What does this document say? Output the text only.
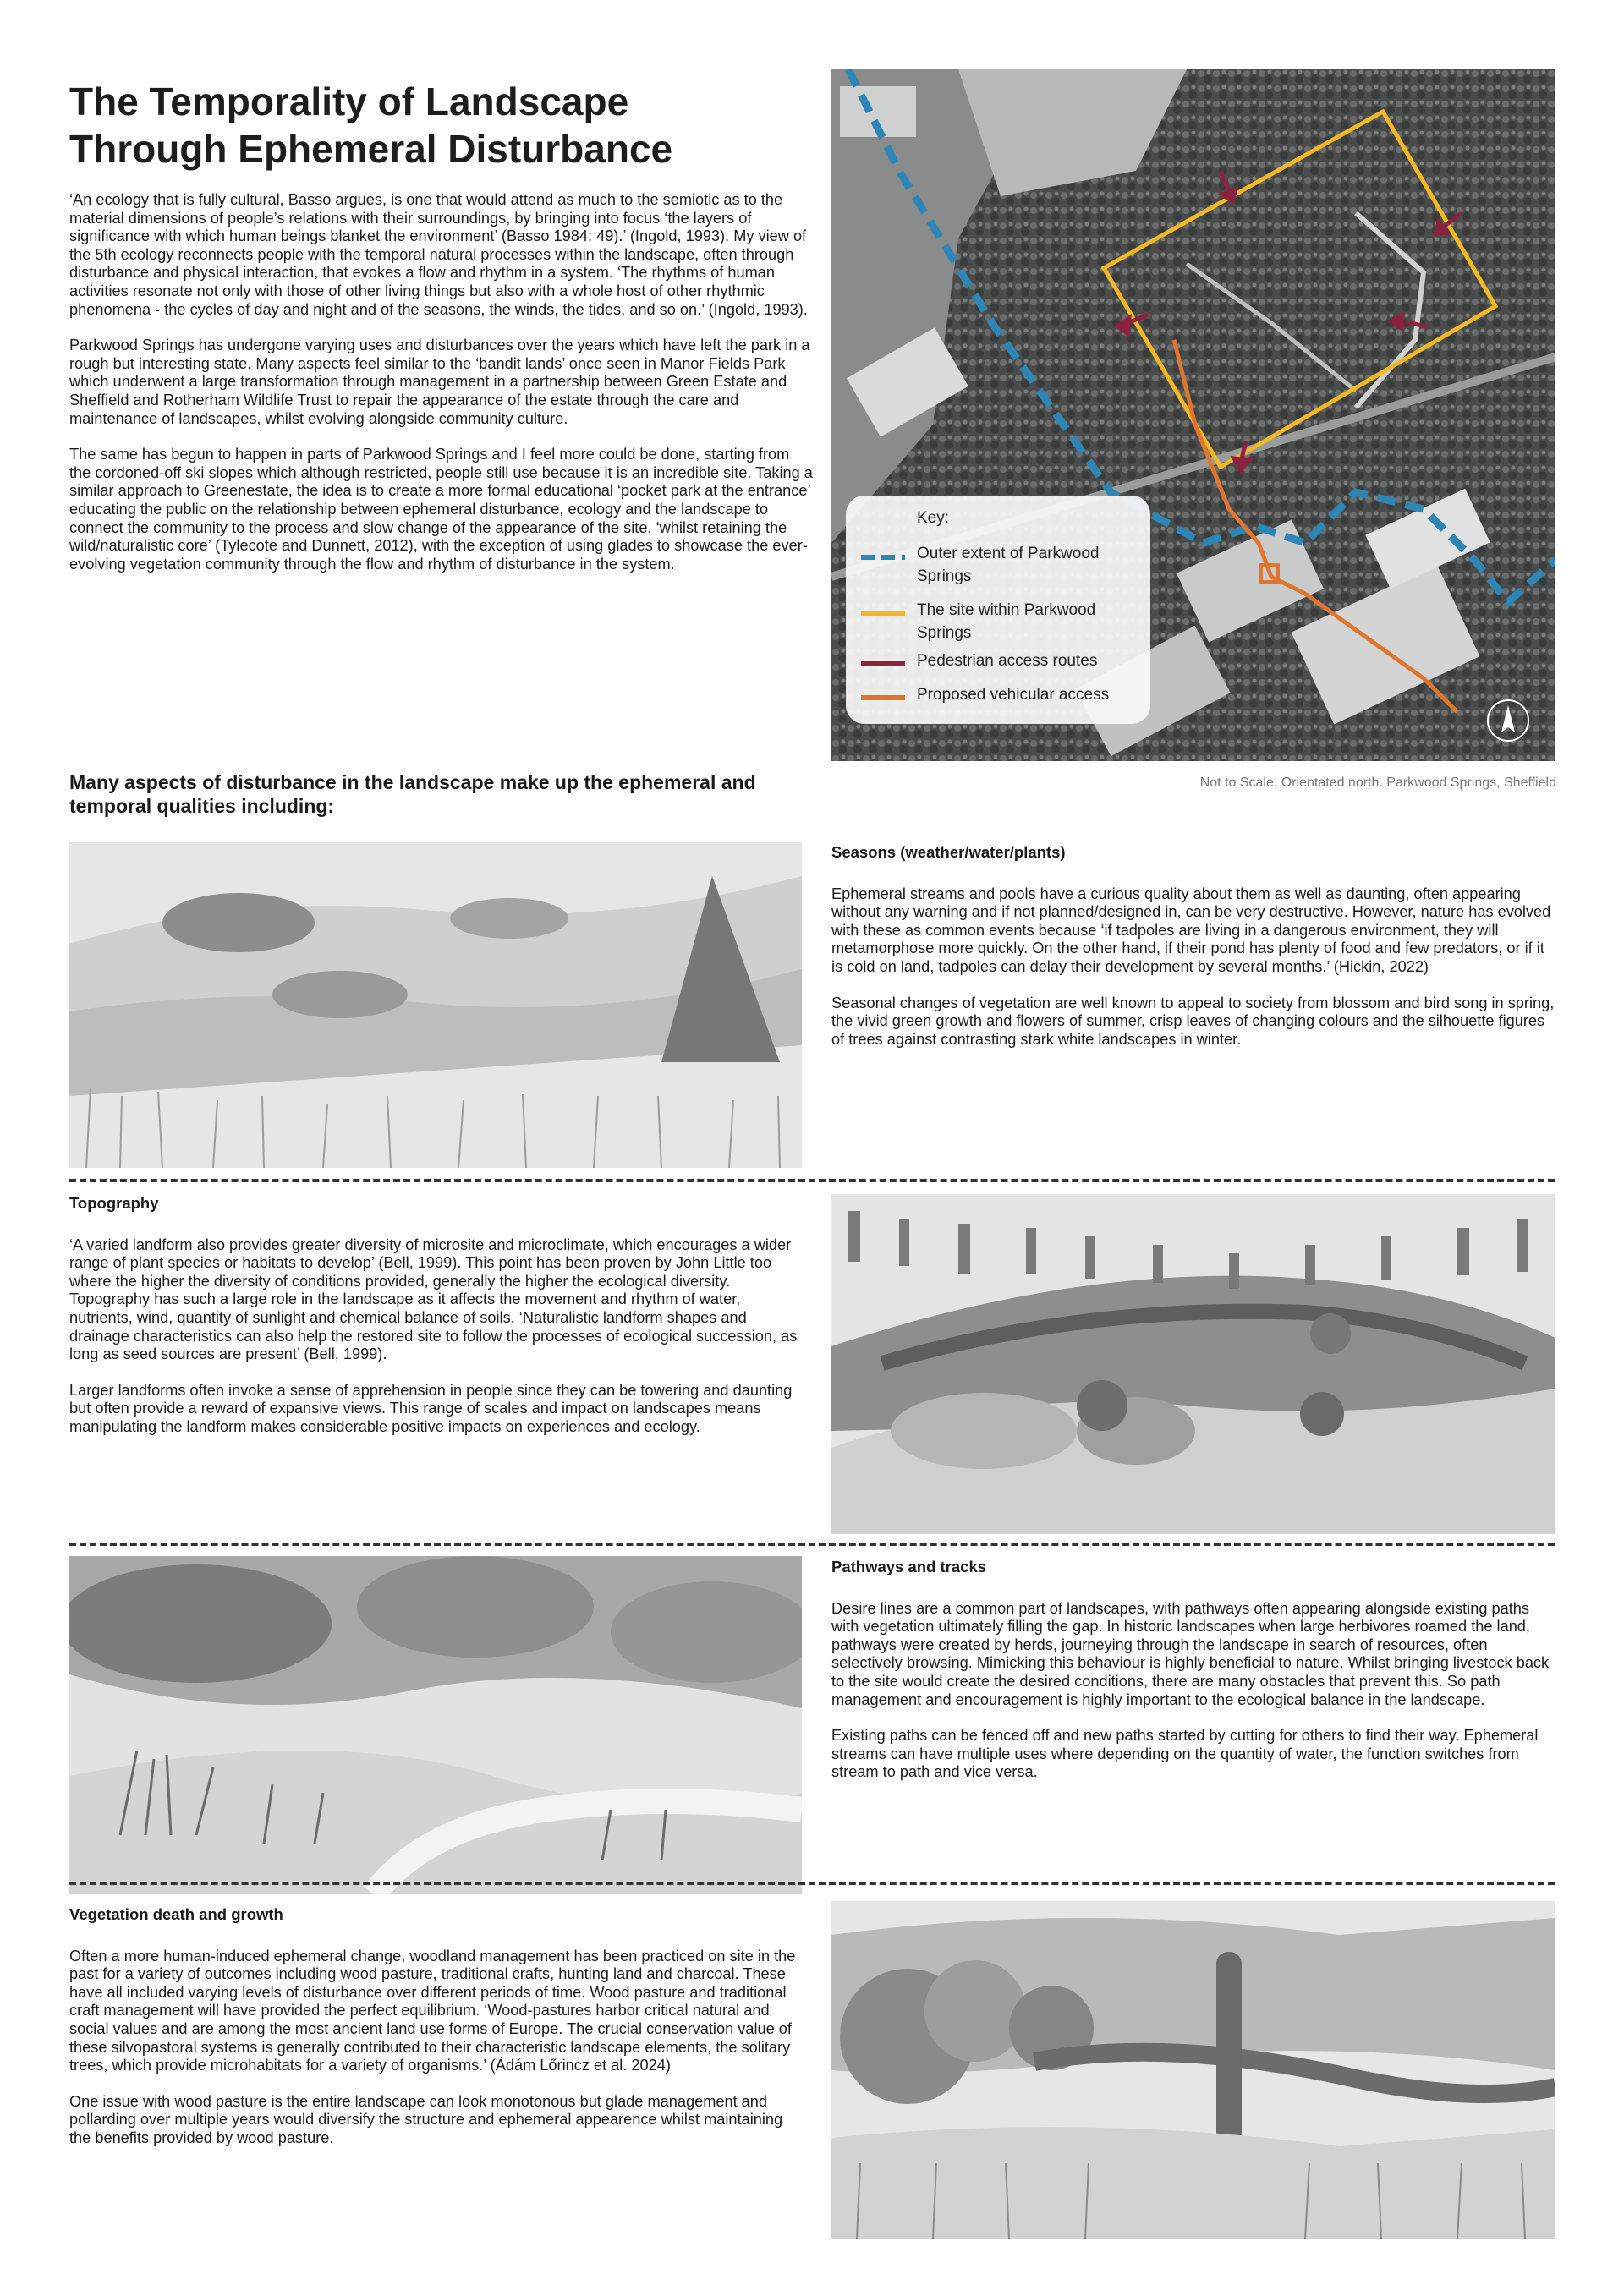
The Temporality of Landscape
Through Ephemeral Disturbance

‘An ecology that is fully cultural, Basso argues, is one that would attend as much to the semiotic as to the material dimensions of people’s relations with their surroundings, by bringing into focus ‘the layers of significance with which human beings blanket the environment’ (Basso 1984: 49).’ (Ingold, 1993). My view of the 5th ecology reconnects people with the temporal natural processes within the landscape, often through disturbance and physical interaction, that evokes a flow and rhythm in a system. ‘The rhythms of human activities resonate not only with those of other living things but also with a whole host of other rhythmic phenomena - the cycles of day and night and of the seasons, the winds, the tides, and so on.’ (Ingold, 1993).

Parkwood Springs has undergone varying uses and disturbances over the years which have left the park in a rough but interesting state. Many aspects feel similar to the ‘bandit lands’ once seen in Manor Fields Park which underwent a large transformation through management in a partnership between Green Estate and Sheffield and Rotherham Wildlife Trust to repair the appearance of the estate through the care and maintenance of landscapes, whilst evolving alongside community culture.

The same has begun to happen in parts of Parkwood Springs and I feel more could be done, starting from the cordoned-off ski slopes which although restricted, people still use because it is an incredible site. Taking a similar approach to Greenestate, the idea is to create a more formal educational ‘pocket park at the entrance’ educating the public on the relationship between ephemeral disturbance, ecology and the landscape to connect the community to the process and slow change of the appearance of the site, ‘whilst retaining the wild/naturalistic core’ (Tylecote and Dunnett, 2012), with the exception of using glades to showcase the ever-evolving vegetation community through the flow and rhythm of disturbance in the system.

Many aspects of disturbance in the landscape make up the ephemeral and temporal qualities including:
Key:
Outer extent of Parkwood Springs
The site within Parkwood Springs
Pedestrian access routes
Proposed vehicular access
Not to Scale. Orientated north. Parkwood Springs, Sheffield
Seasons (weather/water/plants)

Ephemeral streams and pools have a curious quality about them as well as daunting, often appearing without any warning and if not planned/designed in, can be very destructive. However, nature has evolved with these as common events because ‘if tadpoles are living in a dangerous environment, they will metamorphose more quickly. On the other hand, if their pond has plenty of food and few predators, or if it is cold on land, tadpoles can delay their development by several months.’ (Hickin, 2022)

Seasonal changes of vegetation are well known to appeal to society from blossom and bird song in spring, the vivid green growth and flowers of summer, crisp leaves of changing colours and the silhouette figures of trees against contrasting stark white landscapes in winter.

Topography

‘A varied landform also provides greater diversity of microsite and microclimate, which encourages a wider range of plant species or habitats to develop’ (Bell, 1999). This point has been proven by John Little too where the higher the diversity of conditions provided, generally the higher the ecological diversity. Topography has such a large role in the landscape as it affects the movement and rhythm of water, nutrients, wind, quantity of sunlight and chemical balance of soils. ‘Naturalistic landform shapes and drainage characteristics can also help the restored site to follow the processes of ecological succession, as long as seed sources are present’ (Bell, 1999).

Larger landforms often invoke a sense of apprehension in people since they can be towering and daunting but often provide a reward of expansive views. This range of scales and impact on landscapes means manipulating the landform makes considerable positive impacts on experiences and ecology.

Pathways and tracks

Desire lines are a common part of landscapes, with pathways often appearing alongside existing paths with vegetation ultimately filling the gap. In historic landscapes when large herbivores roamed the land, pathways were created by herds, journeying through the landscape in search of resources, often selectively browsing. Mimicking this behaviour is highly beneficial to nature. Whilst bringing livestock back to the site would create the desired conditions, there are many obstacles that prevent this. So path management and encouragement is highly important to the ecological balance in the landscape.

Existing paths can be fenced off and new paths started by cutting for others to find their way. Ephemeral streams can have multiple uses where depending on the quantity of water, the function switches from stream to path and vice versa.

Vegetation death and growth

Often a more human-induced ephemeral change, woodland management has been practiced on site in the past for a variety of outcomes including wood pasture, traditional crafts, hunting land and charcoal. These have all included varying levels of disturbance over different periods of time. Wood pasture and traditional craft management will have provided the perfect equilibrium. ‘Wood-pastures harbor critical natural and social values and are among the most ancient land use forms of Europe. The crucial conservation value of these silvopastoral systems is generally contributed to their characteristic landscape elements, the solitary trees, which provide microhabitats for a variety of organisms.’ (Ádám Lőrincz et al. 2024)

One issue with wood pasture is the entire landscape can look monotonous but glade management and pollarding over multiple years would diversify the structure and ephemeral appearence whilst maintaining the benefits provided by wood pasture.
